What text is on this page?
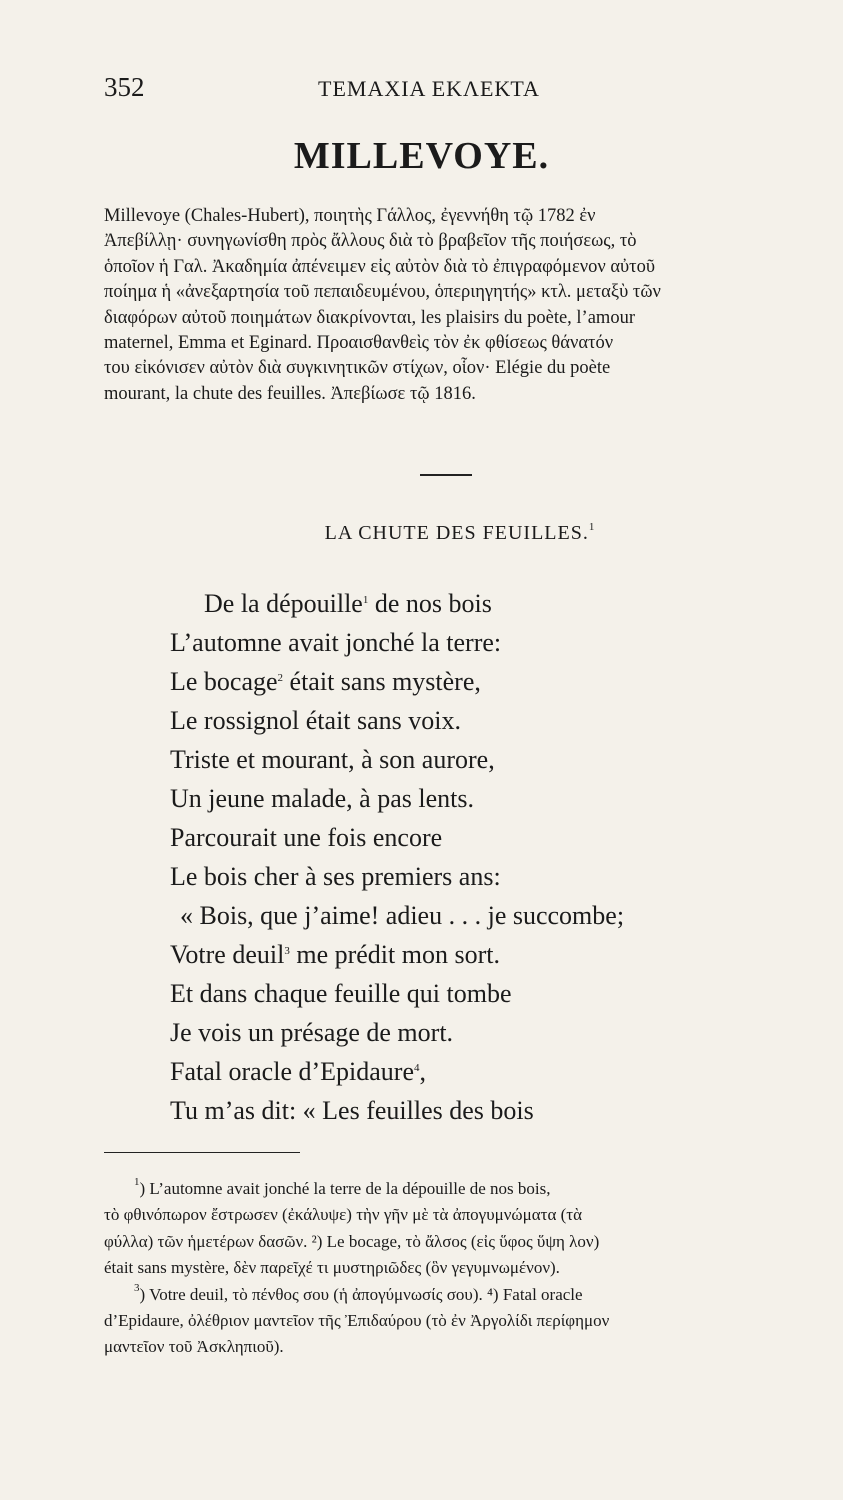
352	ΤΕΜΑΧΙΑ ΕΚΛΕΚΤΑ
MILLEVOYE.
Millevoye (Chales-Hubert), ποιητὴς Γάλλος, ἐγεννήθη τῷ 1782 ἐν
Ἀπεβίλλῃ· συνηγωνίσθη πρὸς ἄλλους διὰ τὸ βραβεῖον τῆς ποιήσεως, τὸ
ὁποῖον ἡ Γαλ. Ἀκαδημία ἀπένειμεν εἰς αὐτὸν διὰ τὸ ἐπιγραφόμενον αὐτοῦ
ποίημα ἡ «ἀνεξαρτησία τοῦ πεπαιδευμένου, ὁπεριηγητής» κτλ. μεταξὺ τῶν
διαφόρων αὐτοῦ ποιημάτων διακρίνονται, les plaisirs du poète, l’amour
maternel, Emma et Eginard. Προαισθανθεὶς τὸν ἐκ φθίσεως θάνατόν
του εἰκόνισεν αὐτὸν διὰ συγκινητικῶν στίχων, οἷον· Elégie du poète
mourant, la chute des feuilles. Ἀπεβίωσε τῷ 1816.
LA CHUTE DES FEUILLES.$^1$
De la dépouille$^1$ de nos bois
L’automne avait jonché la terre:
Le bocage$^2$ était sans mystère,
Le rossignol était sans voix.
Triste et mourant, à son aurore,
Un jeune malade, à pas lents.
Parcourait une fois encore
Le bois cher à ses premiers ans:
« Bois, que j’aime! adieu . . . je succombe;
Votre deuil$^3$ me prédit mon sort.
Et dans chaque feuille qui tombe
Je vois un présage de mort.
Fatal oracle d’Epidaure$^4$,
Tu m’as dit: « Les feuilles des bois
$^1$) L’automne avait jonché la terre de la dépouille de nos bois,
τὸ φθινόπωρον ἔστρωσεν (ἐκάλυψε) τὴν γῆν μὲ τὰ ἀπογυμνώματα (τὰ
φύλλα) τῶν ἡμετέρων δασῶν. ²) Le bocage, τὸ ἄλσος (εἰς ὕφος ὕψη λον)
était sans mystère, δὲν παρεῖχέ τι μυστηριῶδες (ὃν γεγυμνωμένον).
$^3$) Votre deuil, τὸ πένθος σου (ἡ ἀπογύμνωσίς σου). ⁴) Fatal oracle
d’Epidaure, ὀλέθριον μαντεῖον τῆς Ἐπιδαύρου (τὸ ἐν Ἀργολίδι περίφημον
μαντεῖον τοῦ Ἀσκληπιοῦ).
